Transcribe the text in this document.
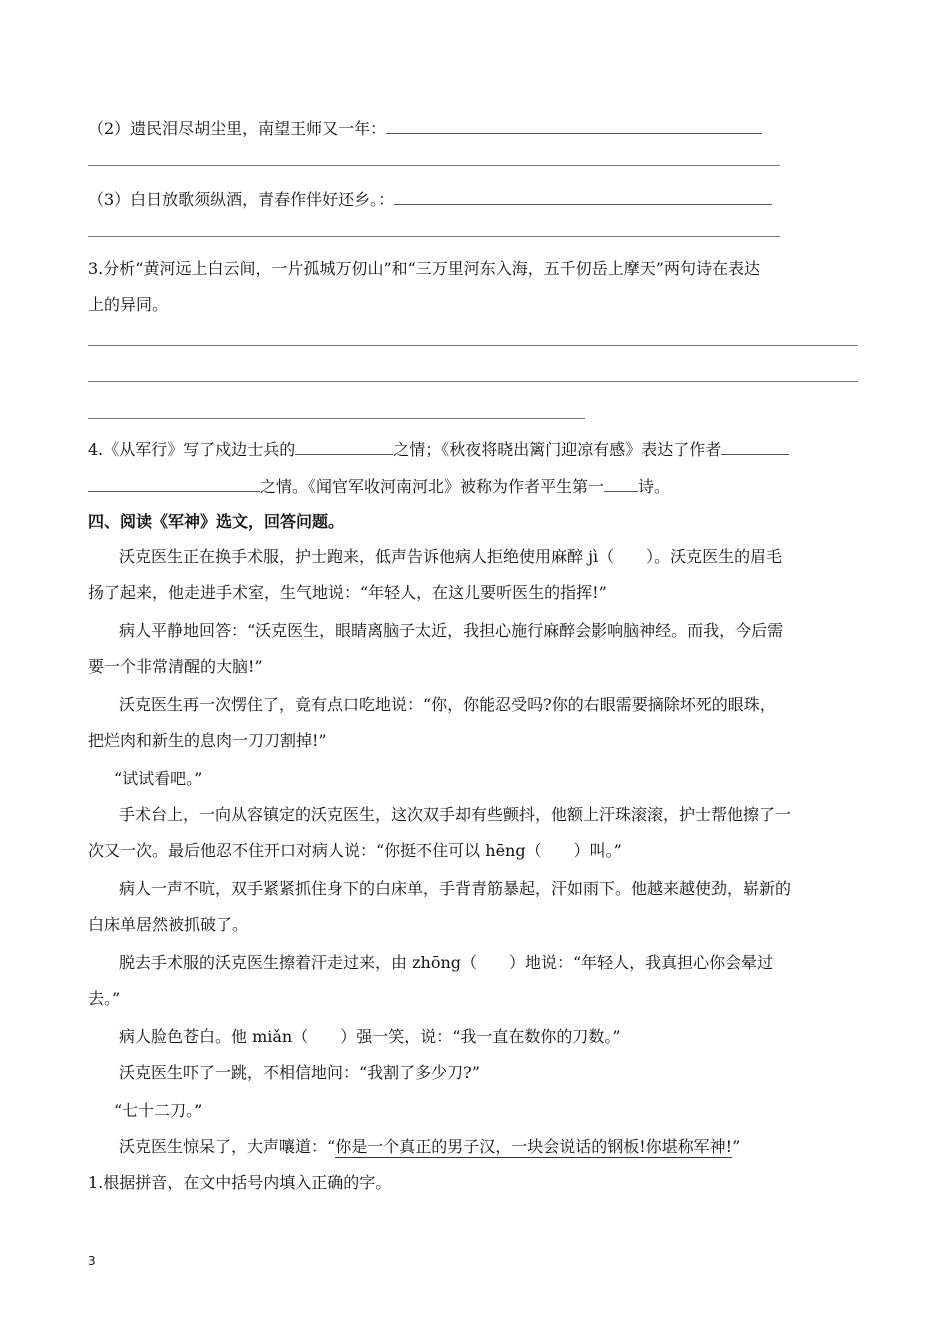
（2）遗民泪尽胡尘里，南望王师又一年：
（3）白日放歌须纵酒，青春作伴好还乡。：
3.分析“黄河远上白云间，一片孤城万仞山”和“三万里河东入海，五千仞岳上摩天”两句诗在表达
上的异同。
4.《从军行》写了戍边士兵的	之情；《秋夜将晓出篱门迎凉有感》表达了作者
之情。《闻官军收河南河北》被称为作者平生第一 诗。
四、阅读《军神》选文，回答问题。
沃克医生正在换手术服，护士跑来，低声告诉他病人拒绝使用麻醉 jì（　　）。沃克医生的眉毛
扬了起来，他走进手术室，生气地说：“年轻人，在这儿要听医生的指挥!”
病人平静地回答：“沃克医生，眼睛离脑子太近，我担心施行麻醉会影响脑神经。而我，今后需
要一个非常清醒的大脑!”
沃克医生再一次愣住了，竟有点口吃地说：“你，你能忍受吗?你的右眼需要摘除坏死的眼珠，
把烂肉和新生的息肉一刀刀割掉!”
“试试看吧。”
手术台上，一向从容镇定的沃克医生，这次双手却有些颤抖，他额上汗珠滚滚，护士帮他擦了一
次又一次。最后他忍不住开口对病人说：“你挺不住可以 hēng（　　）叫。”
病人一声不吭，双手紧紧抓住身下的白床单，手背青筋暴起，汗如雨下。他越来越使劲，崭新的
白床单居然被抓破了。
脱去手术服的沃克医生擦着汗走过来，由 zhōng（　　）地说：“年轻人，我真担心你会晕过
去。”
病人脸色苍白。他 miǎn（　　）强一笑，说：“我一直在数你的刀数。”
沃克医生吓了一跳，不相信地问：“我割了多少刀?”
“七十二刀。”
沃克医生惊呆了，大声嚷道：“你是一个真正的男子汉，一块会说话的钢板!你堪称军神!”
1.根据拼音，在文中括号内填入正确的字。
3
